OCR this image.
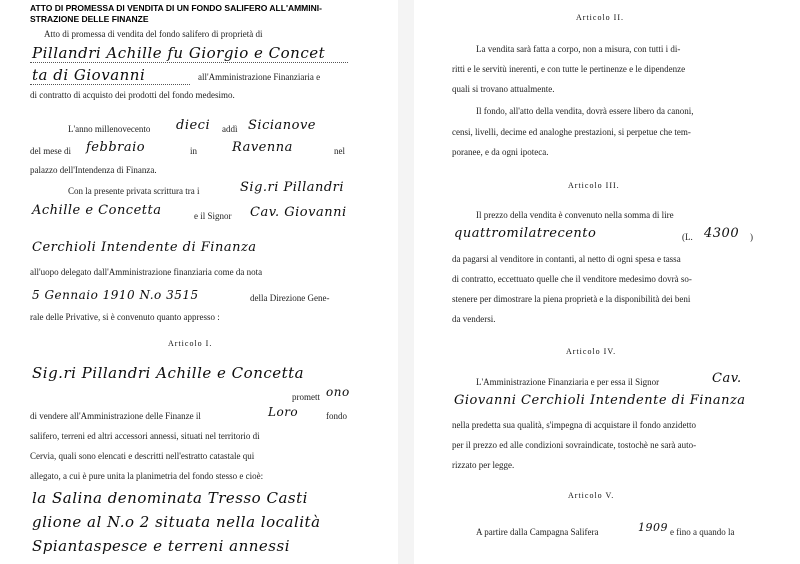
ATTO DI PROMESSA DI VENDITA DI UN FONDO SALIFERO ALL'AMMINI-
STRAZIONE DELLE FINANZE
Atto di promessa di vendita del fondo salifero di proprietà di
Pillandri Achille fu Giorgio e Concet
ta di Giovanni	all'Amministrazione Finanziaria e
di contratto di acquisto dei prodotti del fondo medesimo.
L'anno millenovecento dieci addì Sicianove
del mese di febbraio	in	Ravenna	nel
palazzo dell'Intendenza di Finanza.
Con la presente privata scrittura tra i	Sig.ri Pillandri
Achille e Concetta	e il Signor Cav. Giovanni
Cerchioli Intendente di Finanza
all'uopo delegato dall'Amministrazione finanziaria come da nota
5 Gennaio 1910 N.o 3515	della Direzione Gene-
rale delle Privative, si è convenuto quanto appresso :
Articolo I.
Sig.ri Pillandri Achille e Concetta
promett ono
di vendere all'Amministrazione delle Finanze il	Loro	fondo
salifero, terreni ed altri accessori annessi, situati nel territorio di
Cervia, quali sono elencati e descritti nell'estratto catastale qui
allegato, a cui è pure unita la planimetria del fondo stesso e cioè:
la Salina denominata Tresso Casti
glione al N.o 2 situata nella località
Spiantaspesce e terreni annessi
Articolo II.
La vendita sarà fatta a corpo, non a misura, con tutti i di-
ritti e le servitù inerenti, e con tutte le pertinenze e le dipendenze
quali si trovano attualmente.
Il fondo, all'atto della vendita, dovrà essere libero da canoni,
censi, livelli, decime ed analoghe prestazioni, si perpetue che tem-
poranee, e da ogni ipoteca.
Articolo III.
Il prezzo della vendita è convenuto nella somma di lire
quattromilatrecento	(L. 4300 )
da pagarsi al venditore in contanti, al netto di ogni spesa e tassa
di contratto, eccettuato quelle che il venditore medesimo dovrà so-
stenere per dimostrare la piena proprietà e la disponibilità dei beni
da vendersi.
Articolo IV.
L'Amministrazione Finanziaria e per essa il Signor	Cav.
Giovanni Cerchioli Intendente di Finanza
nella predetta sua qualità, s'impegna di acquistare il fondo anzidetto
per il prezzo ed alle condizioni sovraindicate, tostochè ne sarà auto-
rizzato per legge.
Articolo V.
A partire dalla Campagna Salifera	1909 e fino a quando la
